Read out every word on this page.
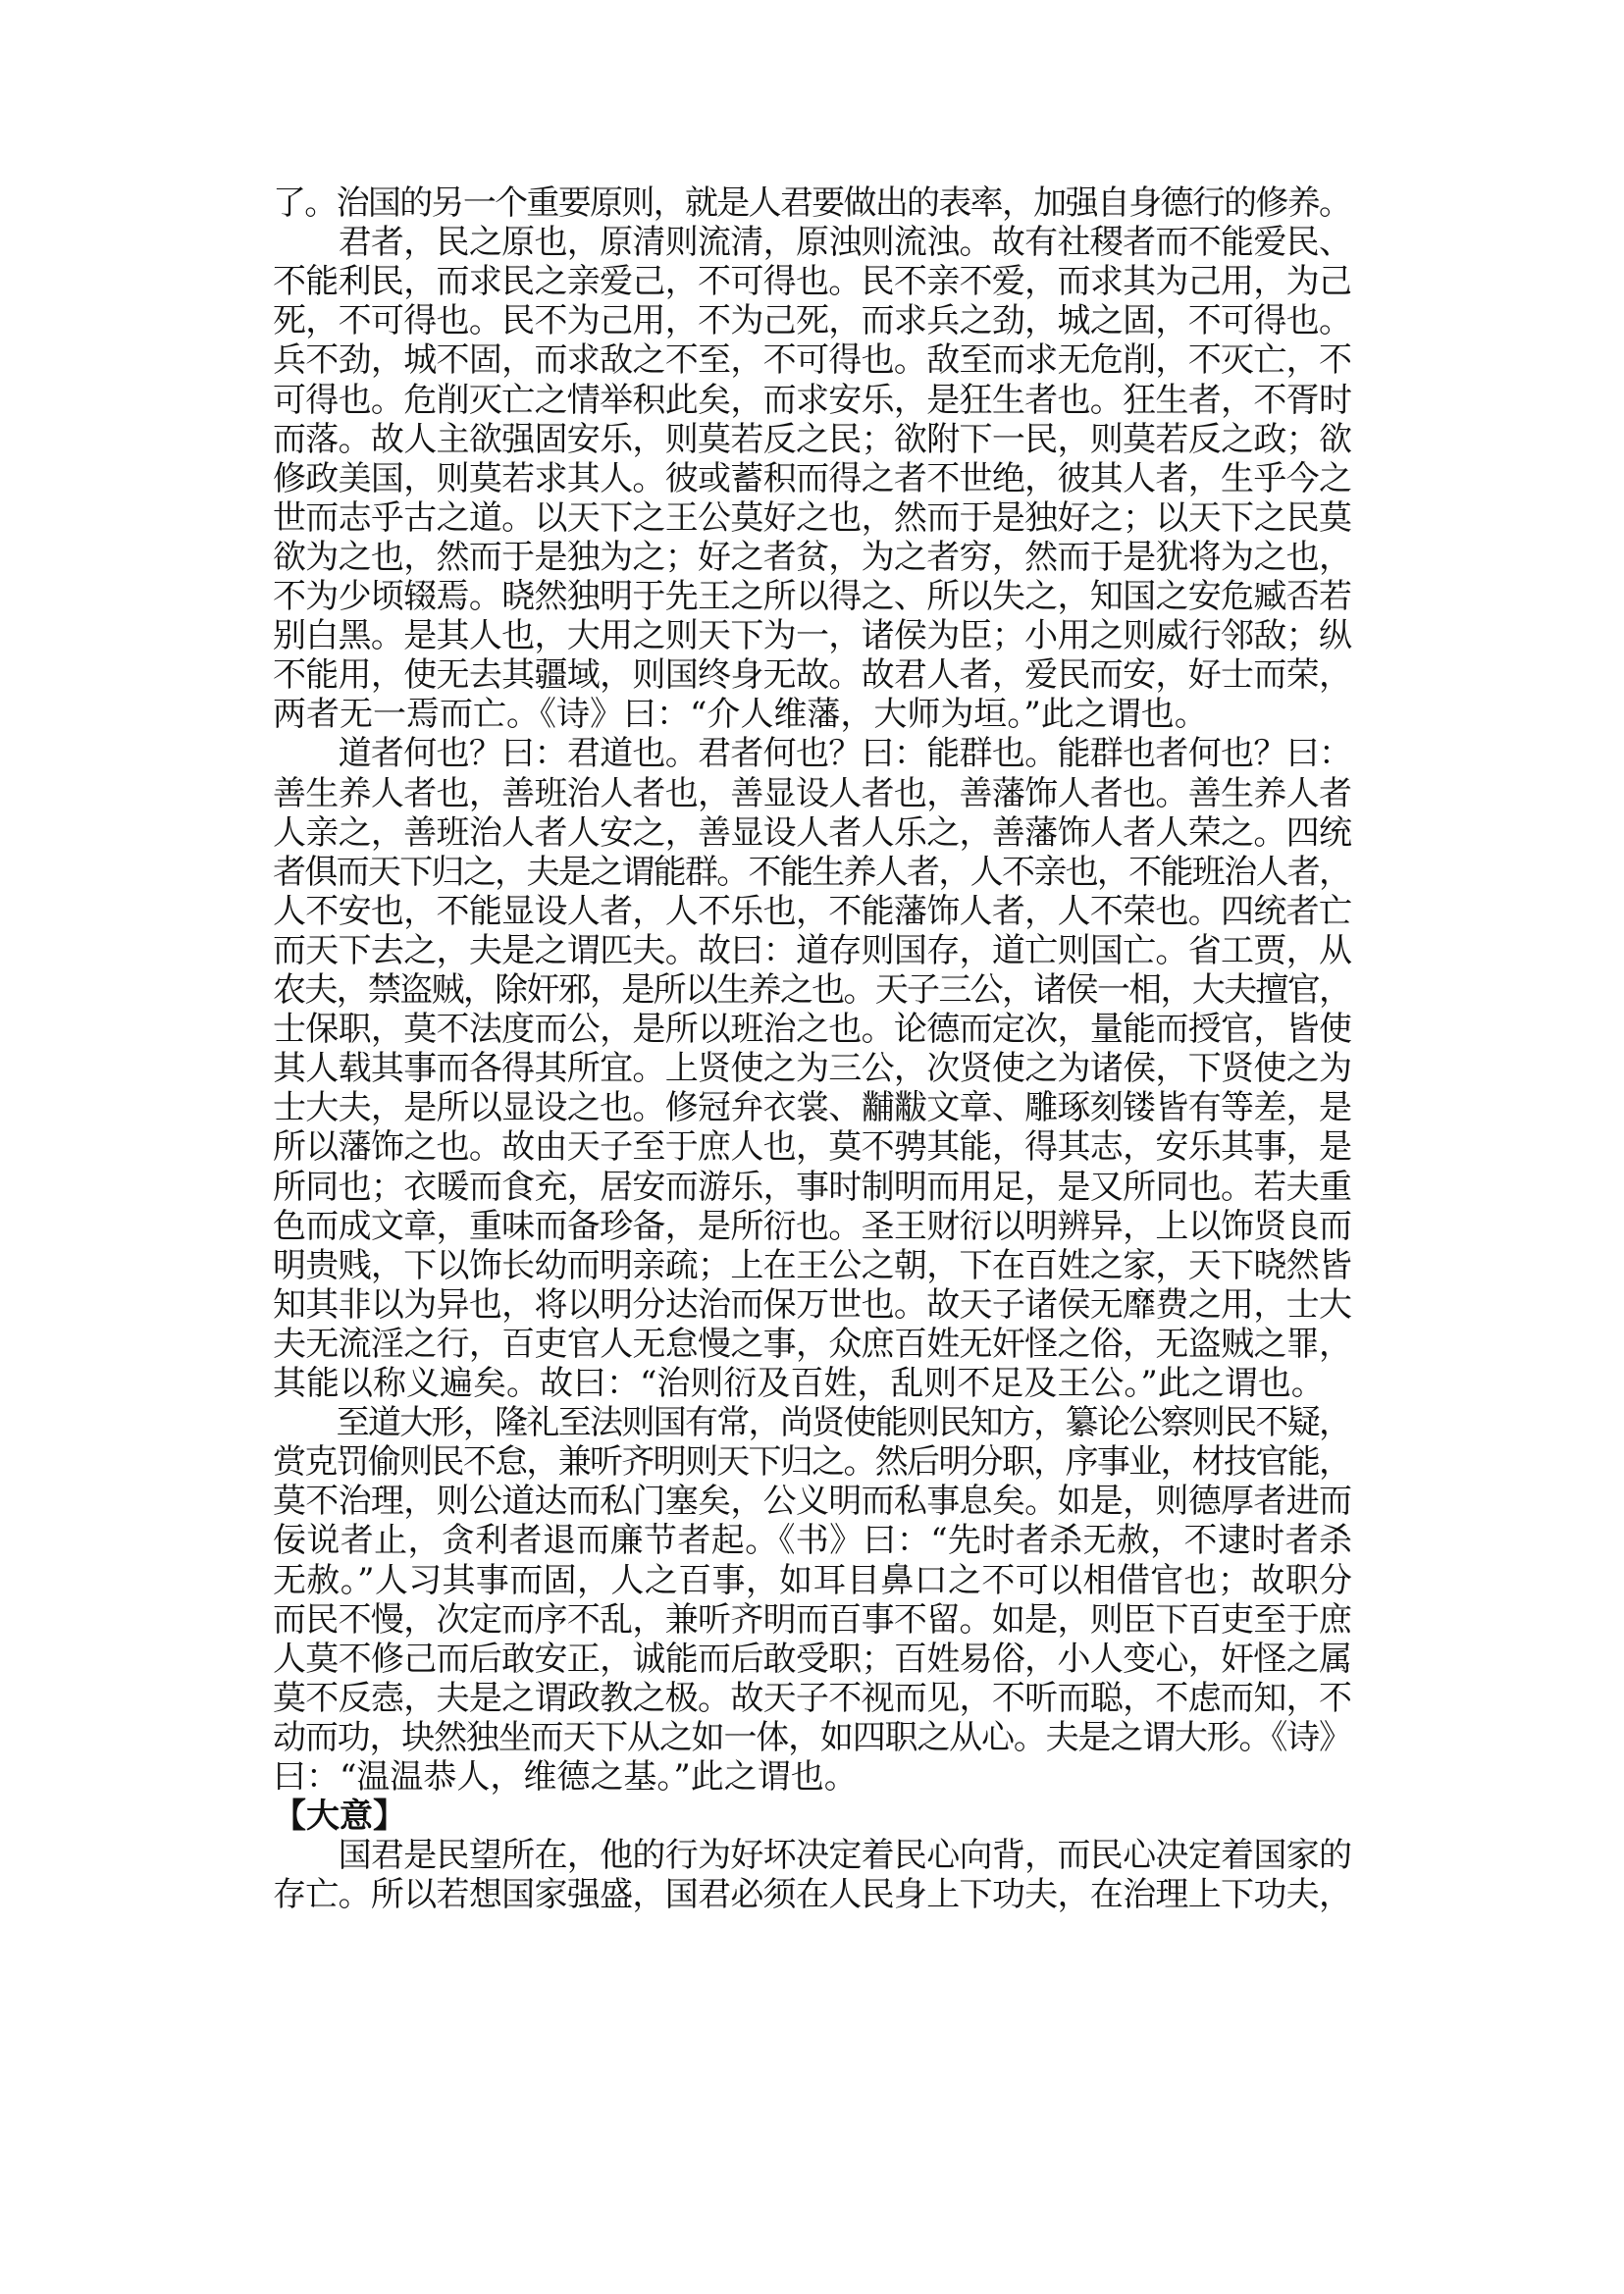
了。治国的另一个重要原则，就是人君要做出的表率，加强自身德行的修养。
　　君者，民之原也，原清则流清，原浊则流浊。故有社稷者而不能爱民、
不能利民，而求民之亲爱己，不可得也。民不亲不爱，而求其为己用，为己
死，不可得也。民不为己用，不为己死，而求兵之劲，城之固，不可得也。
兵不劲，城不固，而求敌之不至，不可得也。敌至而求无危削，不灭亡，不
可得也。危削灭亡之情举积此矣，而求安乐，是狂生者也。狂生者，不胥时
而落。故人主欲强固安乐，则莫若反之民；欲附下一民，则莫若反之政；欲
修政美国，则莫若求其人。彼或蓄积而得之者不世绝，彼其人者，生乎今之
世而志乎古之道。以天下之王公莫好之也，然而于是独好之；以天下之民莫
欲为之也，然而于是独为之；好之者贫，为之者穷，然而于是犹将为之也，
不为少顷辍焉。晓然独明于先王之所以得之、所以失之，知国之安危臧否若
别白黑。是其人也，大用之则天下为一，诸侯为臣；小用之则威行邻敌；纵
不能用，使无去其疆域，则国终身无故。故君人者，爱民而安，好士而荣，
两者无一焉而亡。《诗》曰：“介人维藩，大师为垣。”此之谓也。
　　道者何也？曰：君道也。君者何也？曰：能群也。能群也者何也？曰：
善生养人者也，善班治人者也，善显设人者也，善藩饰人者也。善生养人者
人亲之，善班治人者人安之，善显设人者人乐之，善藩饰人者人荣之。四统
者俱而天下归之，夫是之谓能群。不能生养人者，人不亲也，不能班治人者，
人不安也，不能显设人者，人不乐也，不能藩饰人者，人不荣也。四统者亡
而天下去之，夫是之谓匹夫。故曰：道存则国存，道亡则国亡。省工贾，从
农夫，禁盗贼，除奸邪，是所以生养之也。天子三公，诸侯一相，大夫擅官，
士保职，莫不法度而公，是所以班治之也。论德而定次，量能而授官，皆使
其人载其事而各得其所宜。上贤使之为三公，次贤使之为诸侯，下贤使之为
士大夫，是所以显设之也。修冠弁衣裳、黼黻文章、雕琢刻镂皆有等差，是
所以藩饰之也。故由天子至于庶人也，莫不骋其能，得其志，安乐其事，是
所同也；衣暖而食充，居安而游乐，事时制明而用足，是又所同也。若夫重
色而成文章，重味而备珍备，是所衍也。圣王财衍以明辨异，上以饰贤良而
明贵贱，下以饰长幼而明亲疏；上在王公之朝，下在百姓之家，天下晓然皆
知其非以为异也，将以明分达治而保万世也。故天子诸侯无靡费之用，士大
夫无流淫之行，百吏官人无怠慢之事，众庶百姓无奸怪之俗，无盗贼之罪，
其能以称义遍矣。故曰：“治则衍及百姓，乱则不足及王公。”此之谓也。
　　至道大形，隆礼至法则国有常，尚贤使能则民知方，纂论公察则民不疑，
赏克罚偷则民不怠，兼听齐明则天下归之。然后明分职，序事业，材技官能，
莫不治理，则公道达而私门塞矣，公义明而私事息矣。如是，则德厚者进而
佞说者止，贪利者退而廉节者起。《书》曰：“先时者杀无赦，不逮时者杀
无赦。”人习其事而固，人之百事，如耳目鼻口之不可以相借官也；故职分
而民不慢，次定而序不乱，兼听齐明而百事不留。如是，则臣下百吏至于庶
人莫不修己而后敢安正，诚能而后敢受职；百姓易俗，小人变心，奸怪之属
莫不反悫，夫是之谓政教之极。故天子不视而见，不听而聪，不虑而知，不
动而功，块然独坐而天下从之如一体，如四职之从心。夫是之谓大形。《诗》
曰：“温温恭人，维德之基。”此之谓也。
【大意】
　　国君是民望所在，他的行为好坏决定着民心向背，而民心决定着国家的
存亡。所以若想国家强盛，国君必须在人民身上下功夫，在治理上下功夫，
